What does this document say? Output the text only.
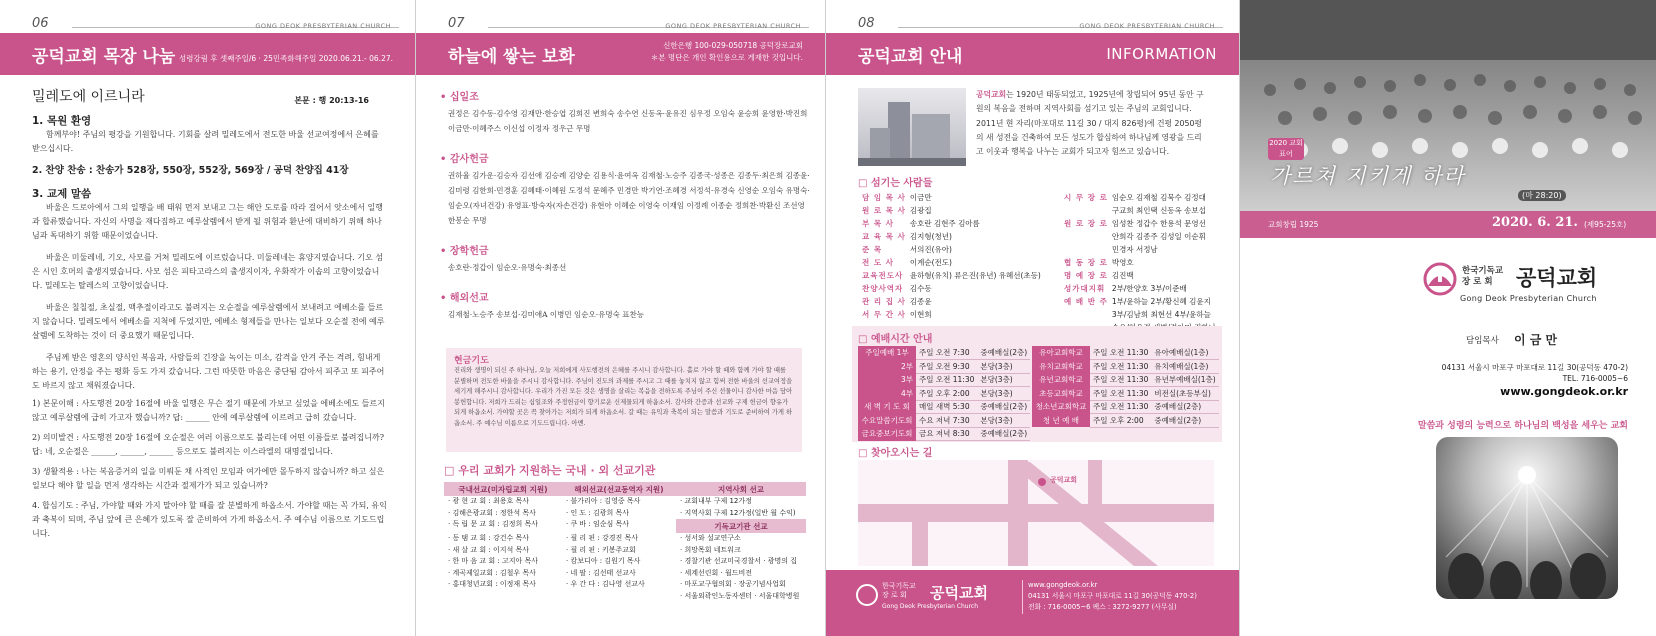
06	GONG DEOK PRESBYTERIAN CHURCH
공덕교회 목장 나눔 성령강림 후 셋째주일/6 · 25민족화해주일 2020.06.21.- 06.27.
밀레도에 이르니라	본문 : 행 20:13-16
1. 목원 환영
함께부야! 주님의 평강을 기원합니다. 기회를 살려 밀레도에서 전도한 바울 선교여정에서 은혜를 받으십시다.
2. 찬양 찬송 : 찬송가 528장, 550장, 552장, 569장 / 공덕 찬양집 41장
3. 교제 말씀
바울은 드로아에서 그의 일행을 배 태워 먼저 보내고 그는 해안 도로를 따라 걸어서 앗소에서 일행과 합류했습니다. 자신의 사명을 재다짐하고 예루살렘에서 받게 될 위험과 환난에 대비하기 위해 하나님과 독대하기 위함 때문이었습니다.
바울은 미둘레네, 기오, 사모를 거쳐 밀레도에 이르렀습니다. 미둘레네는 휴양지였습니다. 기오 섬은 시인 호머의 출생지였습니다. 사모 섬은 피타고라스의 출생지이자, 우화작가 이솝의 고향이었습니다. 밀레도는 탈레스의 고향이었습니다.
바울은 칠칠절, 초실절, 맥추절이라고도 불려지는 오순절을 예루살렘에서 보내려고 에베소를 들르지 않습니다. 밀레도에서 에베소를 지척에 두었지만, 에베소 형제들을 만나는 일보다 오순절 전에 예루살렘에 도착하는 것이 더 중요했기 때문입니다.
주님께 받은 영혼의 양식인 복음과, 사람들의 긴장을 녹이는 미소, 감격을 안겨 주는 격려, 힘내게 하는 용기, 안정을 주는 평화 등도 가져 갔습니다. 그런 따뜻한 마음은 중단됨 감아서 피주고 또 피주어도 바르지 않고 채워졌습니다.
1) 본문이해 : 사도행전 20장 16절에 바울 일행은 무슨 절기 때문에 가보고 싶었을 에베소에도 들르지 않고 예루살렘에 급히 가고자 했습니까? 답: ______ 안에 예루살렘에 이르려고 급히 갔습니다.
2) 의미발견 : 사도행전 20장 16절에 오순절은 여러 이름으로도 불리는데 어떤 이름들로 불려집니까? 답: 네, 오순절은 ______, ______, ______ 등으로도 불려지는 이스라엘의 대명절입니다.
3) 생활적용 : 나는 복음증거의 일을 미뤄둔 채 사적인 모임과 여가에만 몰두하지 않습니까? 하고 싶은 일보다 해야 할 일을 먼저 생각하는 시간과 절제가가 되고 있습니까?
4. 합심기도 : 주님, 가야할 때와 가지 말아야 할 때를 잘 분별하게 하옵소서. 가야할 때는 꼭 가되, 유익과 축복이 되며, 주님 앞에 큰 은혜가 있도록 잘 준비하여 가게 하옵소서. 주 예수님 이름으로 기도드립니다.
07	GONG DEOK PRESBYTERIAN CHURCH
하늘에 쌓는 보화
신한은행 100-029-050718 공덕장로교회
＊본 명단은 개인 확인용으로 게재한 것입니다.
• 십일조
권정은 김수동·김수영 김재만·한승엽 김희진 변희숙 송수연 신동옥·윤유진 심우정 오임숙 윤승희 윤영한·박진희 이금만·이혜주스 이신섭 이정자 정우근 무명
• 감사헌금
권하율 김가운·김승자 김선애 김승례 김양순 김용식·윤여옥 김재철·노승주 김종국·성종은 김종두·최은희 김종윤·김미령 김한희·민경훈 김혜태·이혜원 도정석 문혜주 민경만 박기연·조혜경 서정석·유경숙 신영순 오임숙 유명숙·임순오(자녀건강) 유영표·방숙자(자손건강) 유현아 이혜순 이영숙 이재임 이정례 이종순 정희찬·박환신 조선영 한봉순 무명
• 장학헌금
송호란·정갑이 임순오·유명숙·최종선
• 해외선교
김재철·노승주 송보섭·김미애A 이병민 임순오·유명숙 표찬능
현금기도
진리와 생명이 되신 주 하나님, 오늘 저희에게 사도행전의 은혜를 주시니 감사합니다. 홀로 가야 할 때와 함께 가야 할 때를 분별하며 전도한 바울을 주시니 감사합니다. 주님이 진도의 과제를 주시고 그 때를 놓치지 않고 힘써 전한 바울의 선교여정을 세기게 해주시니 감사합니다. 우리가 가진 모든 것은 생명을 살리는 복음을 전하도록 주님이 주신 선물이니 감사한 마음 담아 봉헌합니다. 저희가 드리는 십일조와 주정헌금이 향기로운 신제물되게 하옵소서. 감사와 간증과 선교와 구제 헌금이 향유가 되게 하옵소서. 가야할 곳은 꼭 찾아가는 저희가 되게 하옵소서. 갈 때는 유익과 축복이 되는 말씀과 기도로 준비하여 가게 하옵소서. 주 예수님 이름으로 기도드립니다. 아멘.
□ 우리 교회가 지원하는 국내 · 외 선교기관
국내선교(미자립교회 지원)	해외선교(선교동역자 지원)	지역사회 선교
· 광 현 교 회 : 최용호 목사	· 불가리아 : 김영중 목사	· 교회내부 구제 12가정
· 김해은광교회 : 정한석 목사	· 인 도 : 김광희 목사	· 지역사회 구제 12가정(일반 월 수익)
· 독 립 문 교 회 : 김정희 목사	· 쿠 바 : 임순심 목사	기독교기관 선교
· 동 탬 교 회 : 강건수 목사	· 필 리 핀 : 강경진 목사	· 성서와 설교연구소
· 새 살 교 회 : 이지석 목사	· 필 리 핀 : 키봉주교회	· 희망목회 네트워크
· 한 마 음 교 회 : 고지아 목사	· 캄보디아 : 김원기 목사	· 경찰기관 선교미국경찰서 · 광명의 집
· 계곡제일교회 : 김철우 목사	· 네 팔 : 김선태 선교사	· 세계선린회 · 월드비전
· 홍대청년교회 : 이정재 목사	· 우 간 다 : 김나영 선교사	· 마포교구협의회 · 장공기념사업회
		· 서울외곽인노동자센터 · 서울대학병원
08	GONG DEOK PRESBYTERIAN CHURCH
공덕교회 안내	INFORMATION
공덕교회는 1920년 태동되었고, 1925년에 창립되어 95년 동안 구원의 복음을 전하며 지역사회를 섬기고 있는 주님의 교회입니다. 2011년 현 자리(마포대로 11길 30 / 대지 826평)에 건평 2050평의 새 성전을 건축하여 모든 성도가 합심하여 하나님께 영광을 드리고 이웃과 행복을 나누는 교회가 되고자 힘쓰고 있습니다.
□ 섬기는 사람들
담 임 목 사	이금만
원 로 목 사	김광집
부 목 사	송호란 김현주 김아름
교 육 목 사	김지형(청년)
준 목	서의진(유아)
전 도 사	이계순(전도)
교육전도사	윤하형(유치) 류은진(유년) 유혜선(초등)
찬양사역자	김수동
관 리 집 사	김종윤
서 무 간 사	이현희
시 무 장 로	임순오 김재철 김묵수 김정대
	구교희 최인택 신동옥 송보섭
원 로 장 로	임성찬 정갑수 한용석 문영선
	안희각 김종주 김성일 이순휘
	민경자 서정남
협 동 장 로	박영호
명 예 장 로	김진백
성가대지휘	2부/한양호 3부/이준배
예 배 반 주	1부/윤하늘 2부/황신혜 김윤지
	3부/김남희 최현선 4부/윤하늘

□ 예배시간 안내
주일예배 1부	주일 오전 7:30	중예배실(2층)
2부	주일 오전 9:30	본당(3층)
3부	주일 오전 11:30	본당(3층)
4부	주일 오후 2:00	본당(3층)
새 벽 기 도 회	매일 새벽 5:30	중예배실(2층)
수요말씀기도회	수요 저녁 7:30	본당(3층)
금요중보기도회	금요 저녁 8:30	중예배실(2층)
유아교회학교	주일 오전 11:30	유아예배실(1층)
유치교회학교	주일 오전 11:30	유치예배실(1층)
유년교회학교	주일 오전 11:30	유년부예배실(1층)
초등교회학교	주일 오전 11:30	비전실(초등부실)
청소년교회학교	주일 오전 11:30	중예배실(2층)
청 년 예 배	주일 오후 2:00	중예배실(2층)
□ 찾아오시는 길
공덕교회
한국기독교
장 로 회	공덕교회
Gong Deok Presbyterian Church
www.gongdeok.or.kr
04131 서울시 마포구 마포대로 11길 30(공덕동 470-2)
전화 : 716-0005~6 팩스 : 3272-9277 (사무실)
2020 교회표어
가르쳐 지키게 하라
(마 28:20)
교회창립 1925	2020. 6. 21. (제95-25호)
한국기독교
장 로 회	공덕교회
Gong Deok Presbyterian Church
담임목사 이 금 만
04131 서울시 마포구 마포대로 11길 30(공덕동 470-2)
TEL. 716-0005~6
www.gongdeok.or.kr
말씀과 성령의 능력으로 하나님의 백성을 세우는 교회
